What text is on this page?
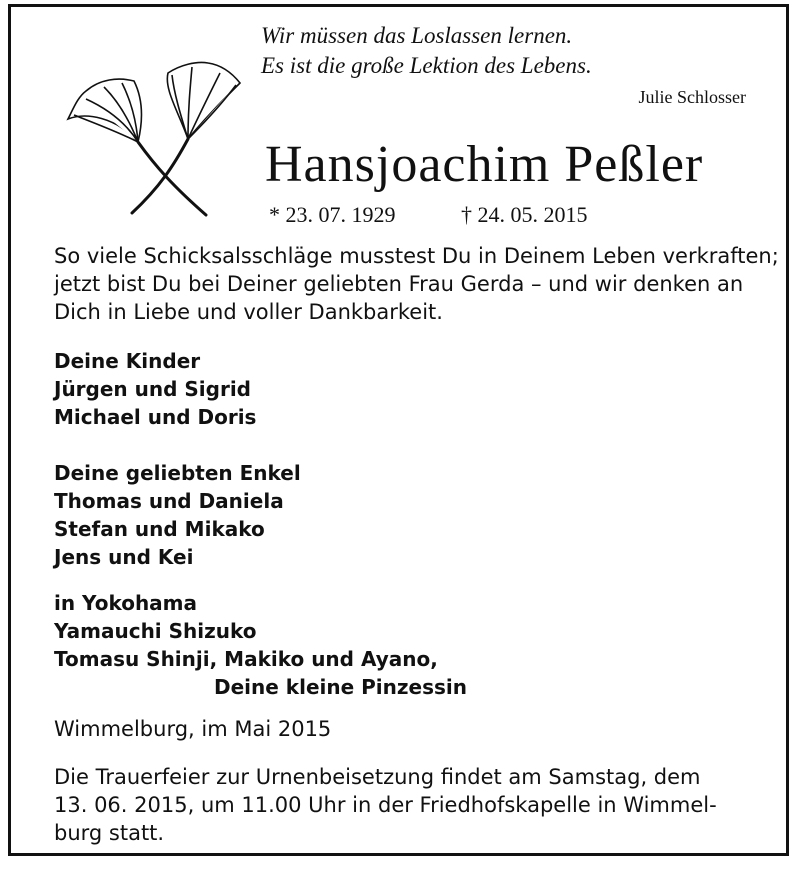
Wir müssen das Loslassen lernen.
Es ist die große Lektion des Lebens.
Julie Schlosser
Hansjoachim Peßler
* 23. 07. 1929	† 24. 05. 2015
So viele Schicksalsschläge musstest Du in Deinem Leben verkraften;
jetzt bist Du bei Deiner geliebten Frau Gerda – und wir denken an
Dich in Liebe und voller Dankbarkeit.
Deine Kinder
Jürgen und Sigrid
Michael und Doris
Deine geliebten Enkel
Thomas und Daniela
Stefan und Mikako
Jens und Kei
in Yokohama
Yamauchi Shizuko
Tomasu Shinji, Makiko und Ayano,
Deine kleine Pinzessin
Wimmelburg, im Mai 2015
Die Trauerfeier zur Urnenbeisetzung findet am Samstag, dem
13. 06. 2015, um 11.00 Uhr in der Friedhofskapelle in Wimmel-
burg statt.
